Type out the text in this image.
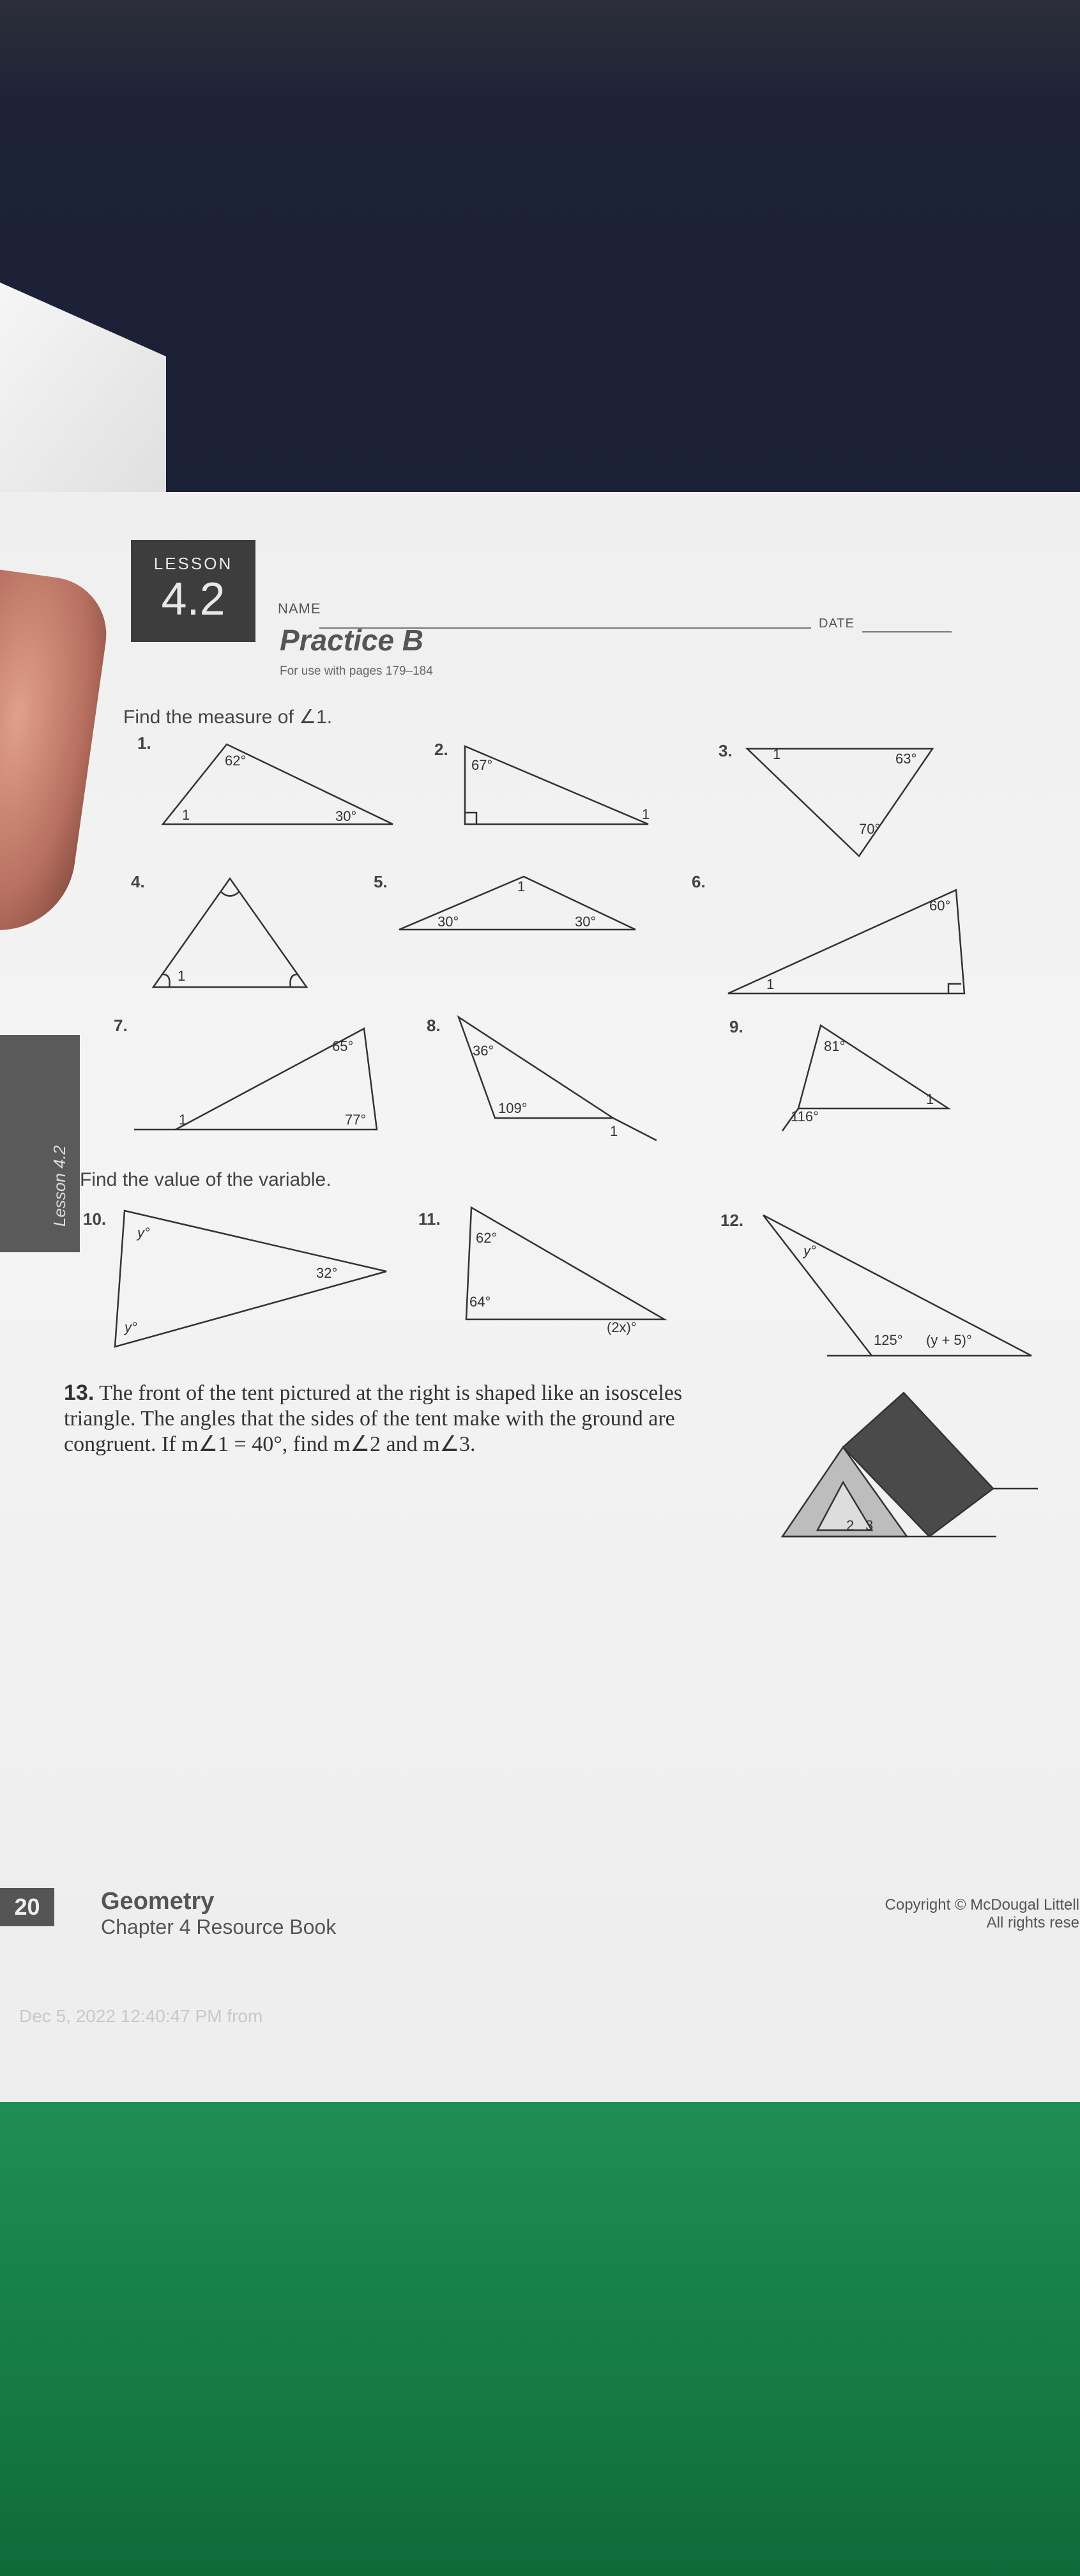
LESSON
4.2	NAME
DATE
Practice B
For use with pages 179–184
Find the measure of ∠1.
Find the value of the variable.
Lesson 4.2
1.	2.	3.
4.	5.	6.
7.	8.	9.
10.	11.	12.
62°
30°
1
67°
1
1	63°
70°
1
30°	30°
1
60°
1
65°
77°
1
36°
109°
1
81°
116°
1
y°
32°
y°
62°
64°
(2x)°
y°
125° (y + 5)°
2 3
13. The front of the tent pictured at the right is shaped like an isosceles triangle. The angles that the sides of the tent make with the ground are congruent. If m∠1 = 40°, find m∠2 and m∠3.
20	Geometry
Chapter 4 Resource Book
Copyright © McDougal Littell
All rights rese
Dec 5, 2022 12:40:47 PM from
